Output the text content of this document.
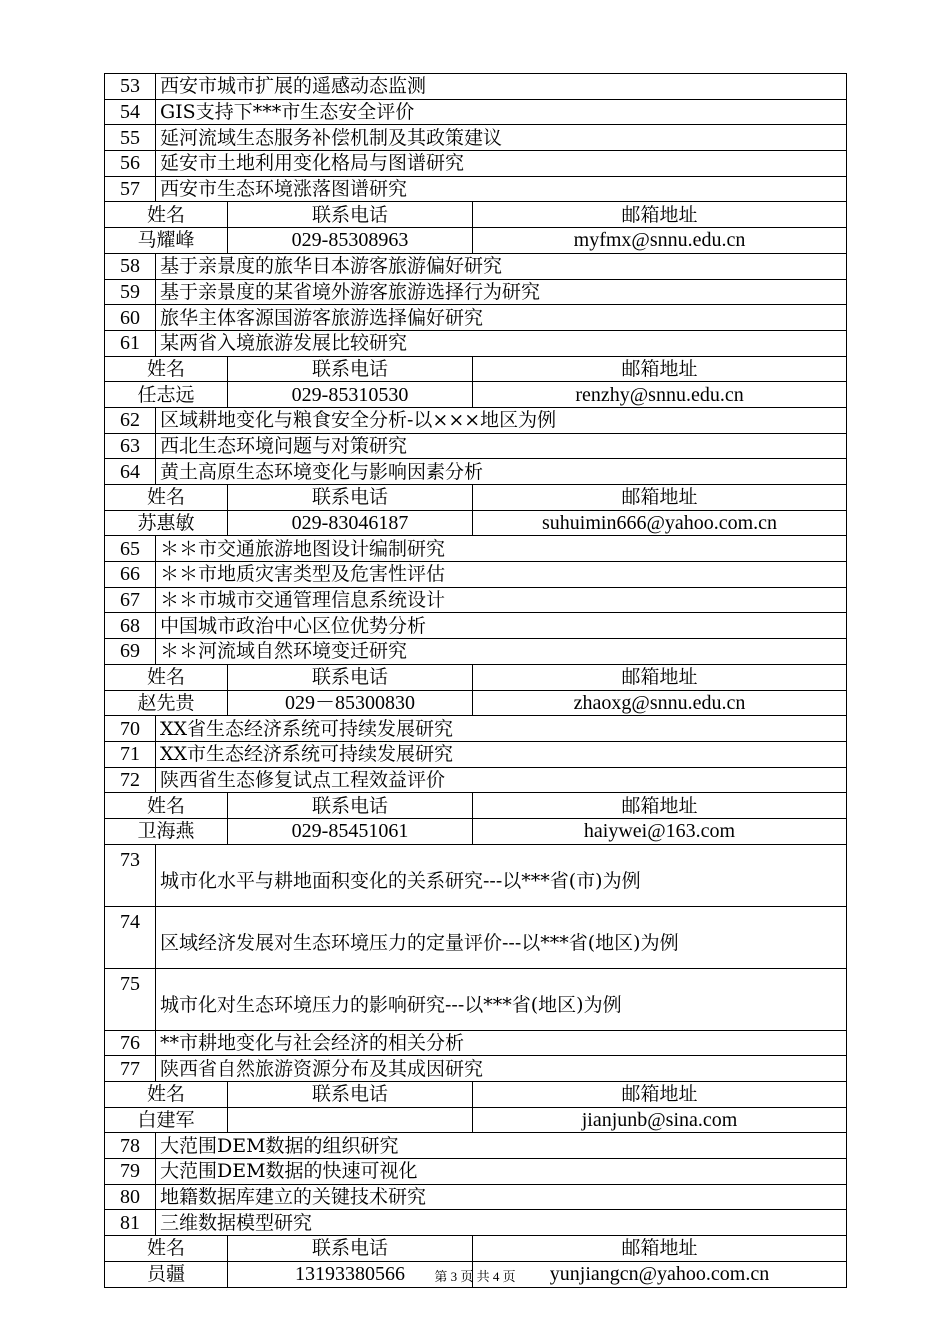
53	西安市城市扩展的遥感动态监测		
54	GIS支持下***市生态安全评价		
55	延河流域生态服务补偿机制及其政策建议		
56	延安市土地利用变化格局与图谱研究		
57	西安市生态环境涨落图谱研究		
姓名		联系电话	邮箱地址
马耀峰		029-85308963	myfmx@snnu.edu.cn
58	基于亲景度的旅华日本游客旅游偏好研究		
59	基于亲景度的某省境外游客旅游选择行为研究		
60	旅华主体客源国游客旅游选择偏好研究		
61	某两省入境旅游发展比较研究		
姓名		联系电话	邮箱地址
任志远		029-85310530	renzhy@snnu.edu.cn
62	区域耕地变化与粮食安全分析-以×××地区为例		
63	西北生态环境问题与对策研究		
64	黄土高原生态环境变化与影响因素分析		
姓名		联系电话	邮箱地址
苏惠敏		029-83046187	suhuimin666@yahoo.com.cn
65	＊＊市交通旅游地图设计编制研究		
66	＊＊市地质灾害类型及危害性评估		
67	＊＊市城市交通管理信息系统设计		
68	中国城市政治中心区位优势分析		
69	＊＊河流域自然环境变迁研究		
姓名		联系电话	邮箱地址
赵先贵		029－85300830	zhaoxg@snnu.edu.cn
70	XX省生态经济系统可持续发展研究		
71	XX市生态经济系统可持续发展研究		
72	陕西省生态修复试点工程效益评价		
姓名		联系电话	邮箱地址
卫海燕		029-85451061	haiywei@163.com
73	城市化水平与耕地面积变化的关系研究---以***省(市)为例		
74	区域经济发展对生态环境压力的定量评价---以***省(地区)为例		
75	城市化对生态环境压力的影响研究---以***省(地区)为例		
76	**市耕地变化与社会经济的相关分析		
77	陕西省自然旅游资源分布及其成因研究		
姓名		联系电话	邮箱地址
白建军			jianjunb@sina.com
78	大范围DEM数据的组织研究		
79	大范围DEM数据的快速可视化		
80	地籍数据库建立的关键技术研究		
81	三维数据模型研究		
姓名		联系电话	邮箱地址
员疆		13193380566	yunjiangcn@yahoo.com.cn
第 3 页 共 4 页
